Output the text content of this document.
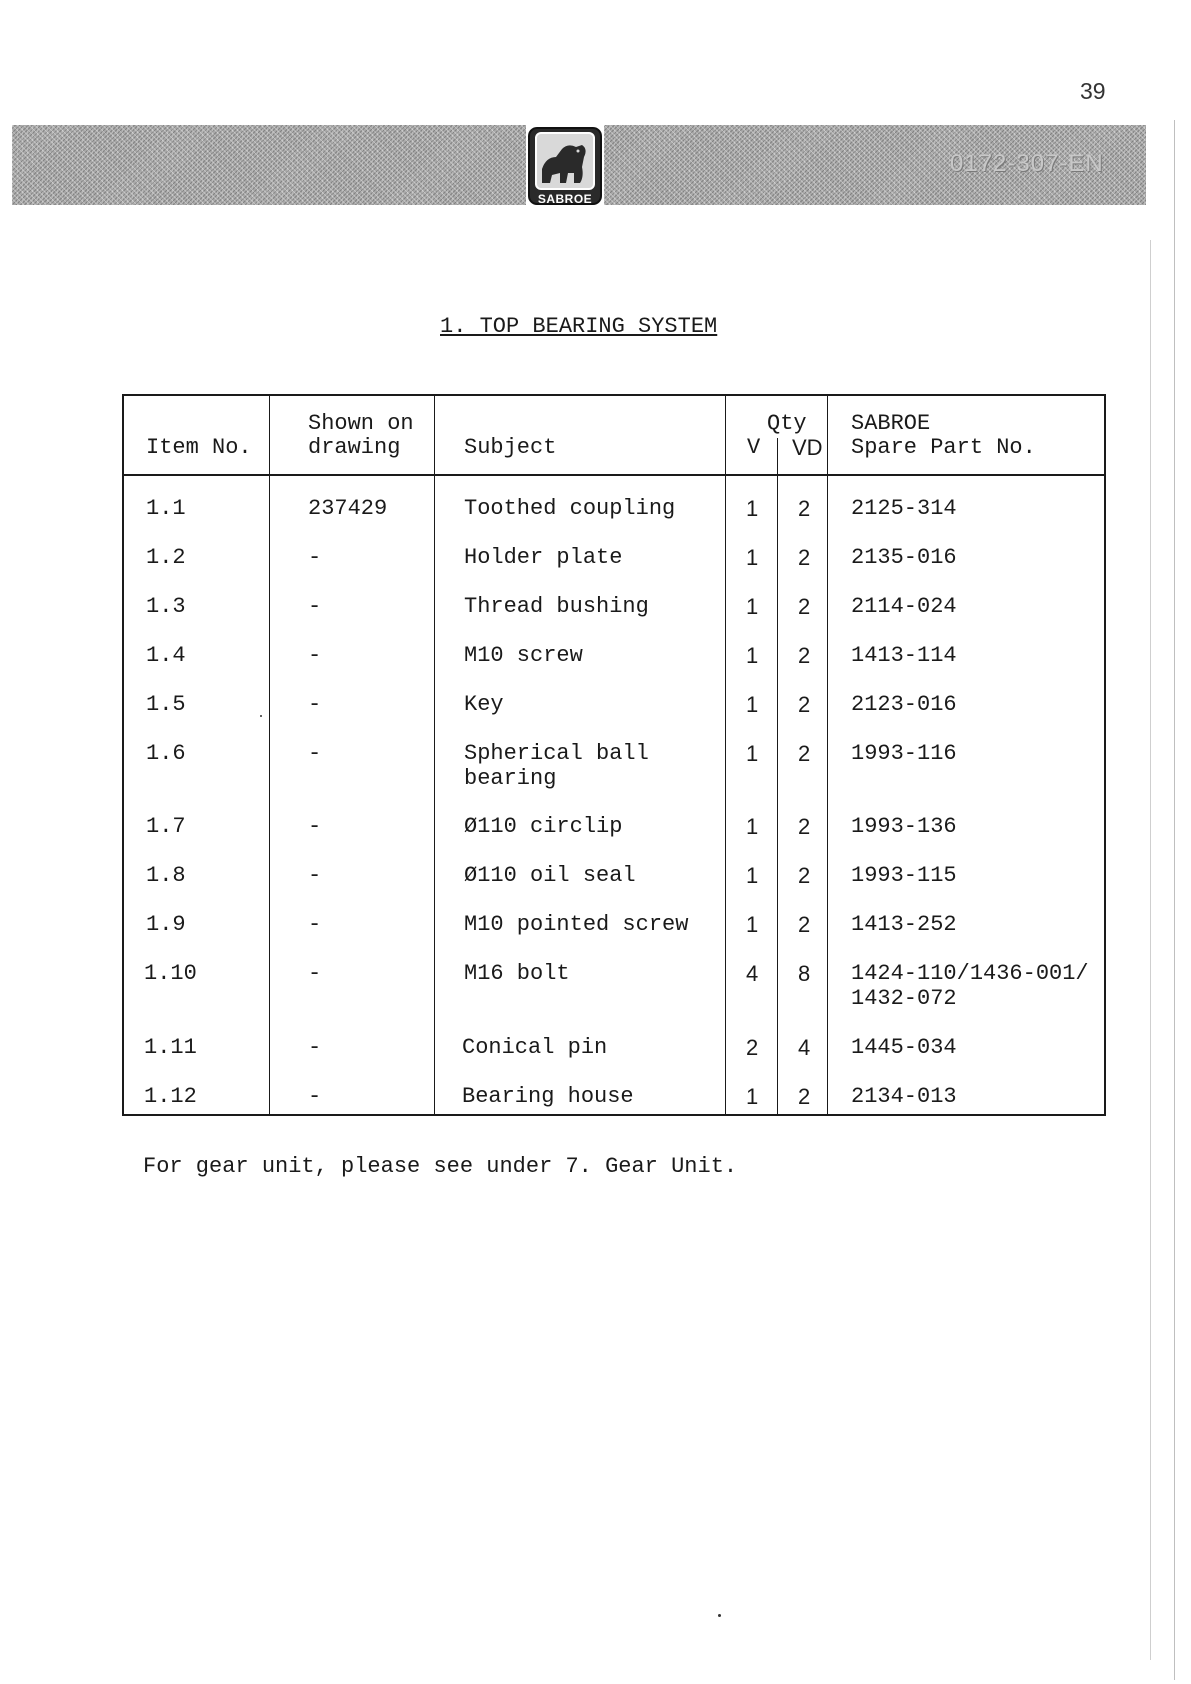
39
SABROE
0172-307-EN
1. TOP BEARING SYSTEM
Item No.
Shown on
drawing	Subject
Qty
V VD
SABROE
Spare Part No.
1.1
1.2
1.3
1.4
1.5
1.6
1.7
1.8
1.9
1.10
1.11
1.12
237429
-
-
-
-
-
-
-
-
-
-
-
Toothed coupling
Holder plate
Thread bushing
M10 screw
Key
Spherical ball
bearing
Ø110 circlip
Ø110 oil seal
M10 pointed screw
M16 bolt
Conical pin
Bearing house
1
1
1
1
1
1
1
1
1
4
2
1
2
2
2
2
2
2
2
2
2
8
4
2
2125-314
2135-016
2114-024
1413-114
2123-016
1993-116
1993-136
1993-115
1413-252
1424-110/1436-001/
1432-072
1445-034
2134-013
For gear unit, please see under 7. Gear Unit.
